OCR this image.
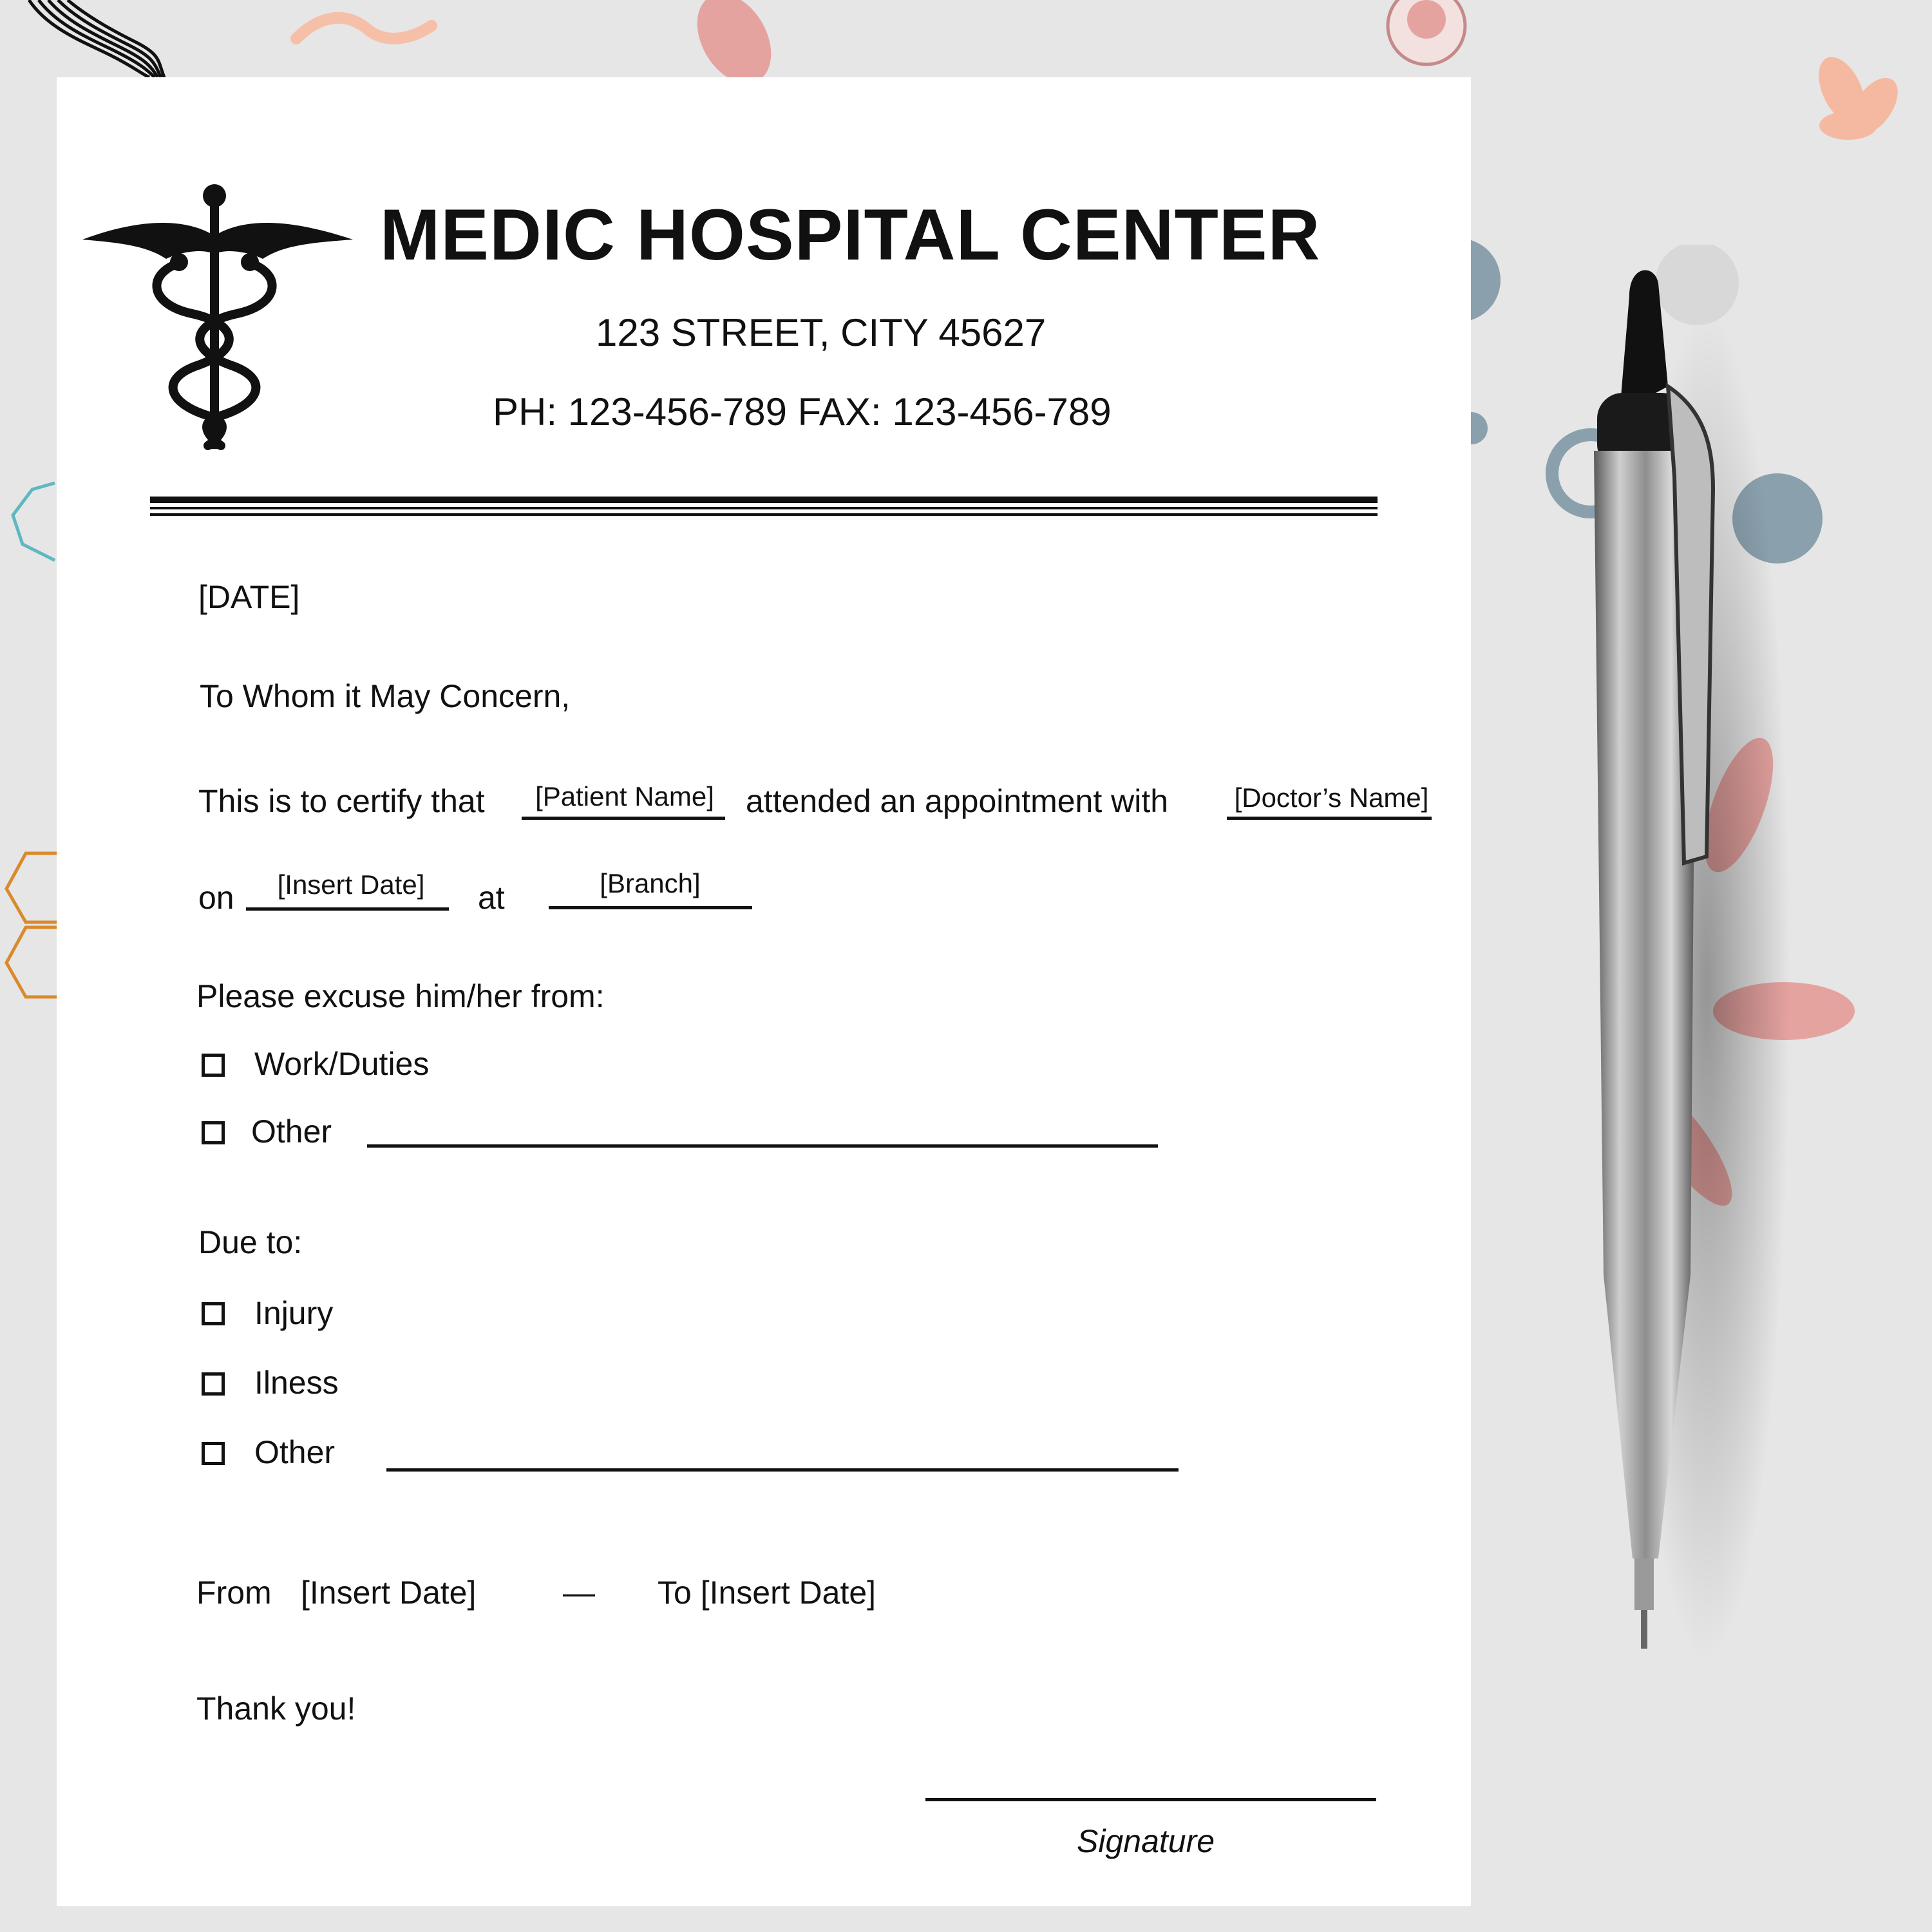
MEDIC HOSPITAL CENTER
123 STREET, CITY 45627
PH: 123-456-789 FAX: 123-456-789
[DATE]
To Whom it May Concern,
This is to certify that	[Patient Name] attended an appointment with	[Doctor’s Name]
on	[Insert Date]	at	[Branch]
Please excuse him/her from:
Work/Duties
Other
Due to:
Injury
Ilness
Other
From [Insert Date]	— To [Insert Date]
Thank you!
Signature
